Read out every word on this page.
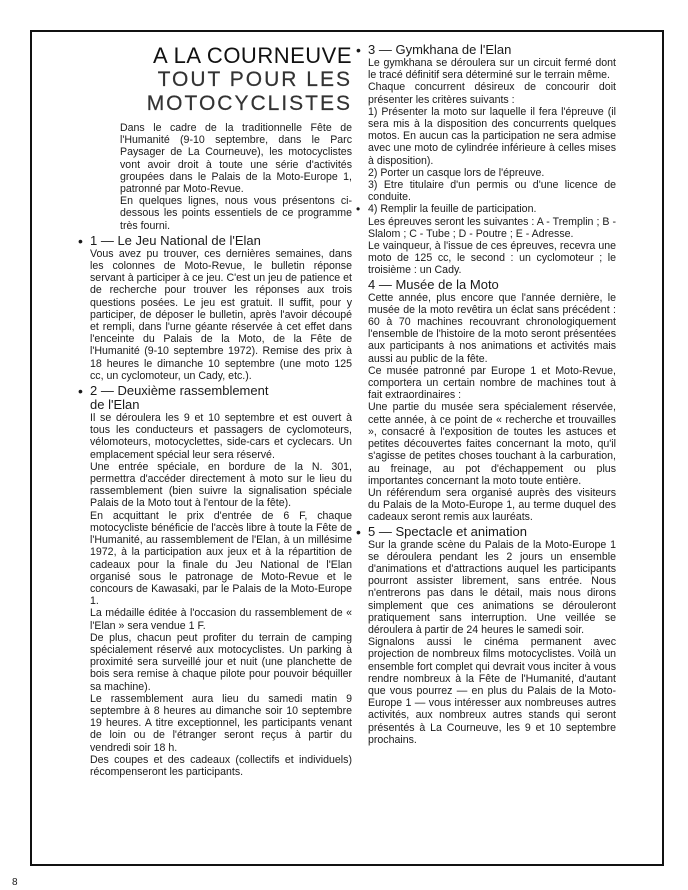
A LA COURNEUVE
TOUT POUR LES
MOTOCYCLISTES

Dans le cadre de la traditionnelle Fête de l'Humanité (9-10 septembre, dans le Parc Paysager de La Courneuve), les motocyclistes vont avoir droit à toute une série d'activités groupées dans le Palais de la Moto-Europe 1, patronné par Moto-Revue.

En quelques lignes, nous vous présentons ci-dessous les points essentiels de ce programme très fourni.

• 1 — Le Jeu National de l'Elan

Vous avez pu trouver, ces dernières semaines, dans les colonnes de Moto-Revue, le bulletin réponse servant à participer à ce jeu. C'est un jeu de patience et de recherche pour trouver les réponses aux trois questions posées. Le jeu est gratuit. Il suffit, pour y participer, de déposer le bulletin, après l'avoir découpé et rempli, dans l'urne géante réservée à cet effet dans l'enceinte du Palais de la Moto, de la Fête de l'Humanité (9-10 septembre 1972). Remise des prix à 18 heures le dimanche 10 septembre (une moto 125 cc, un cyclomoteur, un Cady, etc.).

• 2 — Deuxième rassemblement
de l'Elan

Il se déroulera les 9 et 10 septembre et est ouvert à tous les conducteurs et passagers de cyclomoteurs, vélomoteurs, motocyclettes, side-cars et cyclecars. Un emplacement spécial leur sera réservé.

Une entrée spéciale, en bordure de la N. 301, permettra d'accéder directement à moto sur le lieu du rassemblement (bien suivre la signalisation spéciale Palais de la Moto tout à l'entour de la fête).

En acquittant le prix d'entrée de 6 F, chaque motocycliste bénéficie de l'accès libre à toute la Fête de l'Humanité, au rassemblement de l'Elan, à un millésime 1972, à la participation aux jeux et à la répartition de cadeaux pour la finale du Jeu National de l'Elan organisé sous le patronage de Moto-Revue et le concours de Kawasaki, par le Palais de la Moto-Europe 1.

La médaille éditée à l'occasion du rassemblement de « l'Elan » sera vendue 1 F.

De plus, chacun peut profiter du terrain de camping spécialement réservé aux motocyclistes. Un parking à proximité sera surveillé jour et nuit (une planchette de bois sera remise à chaque pilote pour pouvoir béquiller sa machine).

Le rassemblement aura lieu du samedi matin 9 septembre à 8 heures au dimanche soir 10 septembre 19 heures. A titre exceptionnel, les participants venant de loin ou de l'étranger seront reçus à partir du vendredi soir 18 h.

Des coupes et des cadeaux (collectifs et individuels) récompenseront les participants.

• 3 — Gymkhana de l'Elan

Le gymkhana se déroulera sur un circuit fermé dont le tracé définitif sera déterminé sur le terrain même.

Chaque concurrent désireux de concourir doit présenter les critères suivants :

1) Présenter la moto sur laquelle il fera l'épreuve (il sera mis à la disposition des concurrents quelques motos. En aucun cas la participation ne sera admise avec une moto de cylindrée inférieure à celles mises à disposition).

2) Porter un casque lors de l'épreuve.

3) Etre titulaire d'un permis ou d'une licence de conduite.

• 4) Remplir la feuille de participation.

Les épreuves seront les suivantes : A - Tremplin ; B - Slalom ; C - Tube ; D - Poutre ; E - Adresse.

Le vainqueur, à l'issue de ces épreuves, recevra une moto de 125 cc, le second : un cyclomoteur ; le troisième : un Cady.

4 — Musée de la Moto

Cette année, plus encore que l'année dernière, le musée de la moto revêtira un éclat sans précédent : 60 à 70 machines recouvrant chronologiquement l'ensemble de l'histoire de la moto seront présentées aux participants à nos animations et activités mais aussi au public de la fête.

Ce musée patronné par Europe 1 et Moto-Revue, comportera un certain nombre de machines tout à fait extraordinaires :

Une partie du musée sera spécialement réservée, cette année, à ce point de « recherche et trouvailles », consacré à l'exposition de toutes les astuces et petites découvertes faites concernant la moto, qu'il s'agisse de petites choses touchant à la carburation, au freinage, au pot d'échappement ou plus importantes concernant la moto toute entière.

Un référendum sera organisé auprès des visiteurs du Palais de la Moto-Europe 1, au terme duquel des cadeaux seront remis aux lauréats.

• 5 — Spectacle et animation

Sur la grande scène du Palais de la Moto-Europe 1 se déroulera pendant les 2 jours un ensemble d'animations et d'attractions auquel les participants pourront assister librement, sans entrée. Nous n'entrerons pas dans le détail, mais nous dirons simplement que ces animations se dérouleront pratiquement sans interruption. Une veillée se déroulera à partir de 24 heures le samedi soir.

Signalons aussi le cinéma permanent avec projection de nombreux films motocyclistes. Voilà un ensemble fort complet qui devrait vous inciter à vous rendre nombreux à la Fête de l'Humanité, d'autant que vous pourrez — en plus du Palais de la Moto-Europe 1 — vous intéresser aux nombreuses autres activités, aux nombreux autres stands qui seront présentés à La Courneuve, les 9 et 10 septembre prochains.

8
